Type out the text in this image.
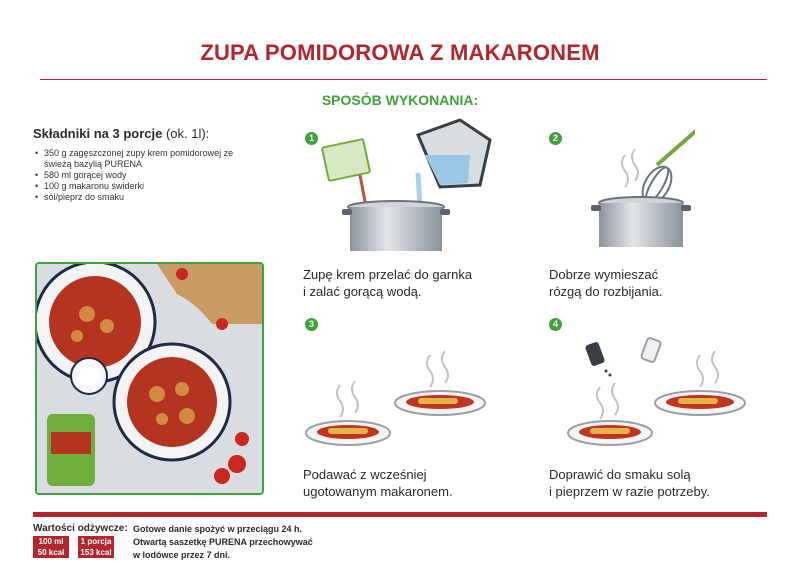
ZUPA POMIDOROWA Z MAKARONEM
SPOSÓB WYKONANIA:
Składniki na 3 porcje (ok. 1l):
• 350 g zagęszczonej zupy krem pomidorowej ze świeżą bazylią PURENA
• 580 ml gorącej wody
• 100 g makaronu świderki
• sól/pieprz do smaku
1
Zupę krem przelać do garnka
i zalać gorącą wodą.
2
Dobrze wymieszać
rózgą do rozbijania.
3
Podawać z wcześniej
ugotowanym makaronem.
4
Doprawić do smaku solą
i pieprzem w razie potrzeby.
Wartości odżywcze:
100 ml
50 kcal
1 porcja
153 kcal
Gotowe danie spożyć w przeciągu 24 h.
Otwartą saszetkę PURENA przechowywać
w lodówce przez 7 dni.
